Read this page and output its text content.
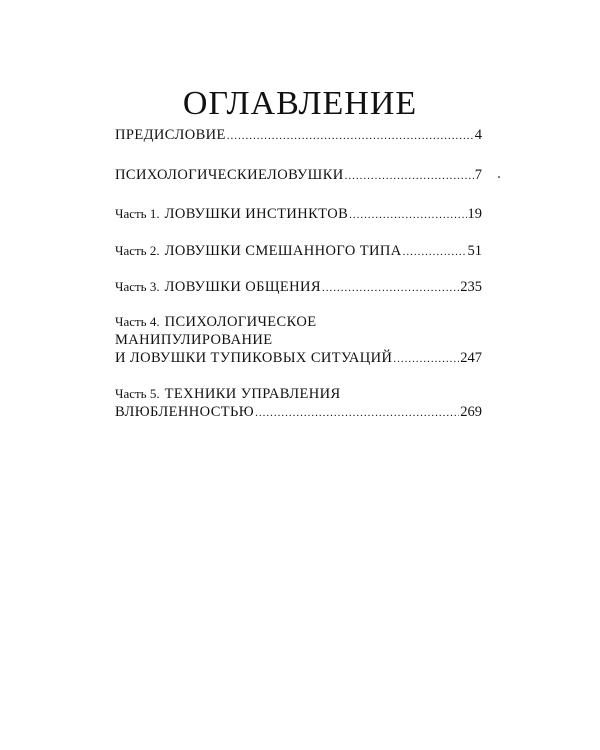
ОГЛАВЛЕНИЕ
ПРЕДИСЛОВИЕ .....	4
ПСИХОЛОГИЧЕСКИЕЛОВУШКИ .....	7
Часть 1. ЛОВУШКИ ИНСТИНКТОВ .....	19
Часть 2. ЛОВУШКИ СМЕШАННОГО ТИПА .....	51
Часть 3. ЛОВУШКИ ОБЩЕНИЯ .....	235
Часть 4. ПСИХОЛОГИЧЕСКОЕ
МАНИПУЛИРОВАНИЕ
И ЛОВУШКИ ТУПИКОВЫХ СИТУАЦИЙ .....	247
Часть 5. ТЕХНИКИ УПРАВЛЕНИЯ
ВЛЮБЛЕННОСТЬЮ .....	269
